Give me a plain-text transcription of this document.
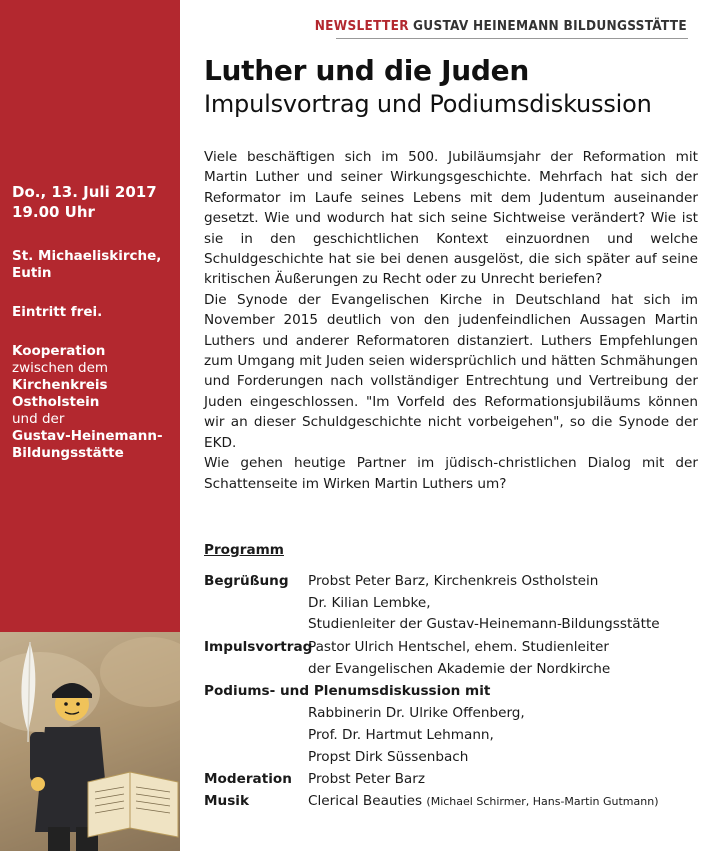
Do., 13. Juli 2017
19.00 Uhr
St. Michaeliskirche,
Eutin
Eintritt frei.
Kooperation
zwischen dem
Kirchenkreis
Ostholstein
und der
Gustav-Heinemann-
Bildungsstätte
NEWSLETTER GUSTAV HEINEMANN BILDUNGSSTÄTTE
Luther und die Juden
Impulsvortrag und Podiumsdiskussion

Viele beschäftigen sich im 500. Jubiläumsjahr der Reformation mit Martin Luther und seiner Wirkungsgeschichte. Mehrfach hat sich der Reformator im Laufe seines Lebens mit dem Judentum auseinander gesetzt. Wie und wodurch hat sich seine Sichtweise verändert? Wie ist sie in den geschichtlichen Kontext einzuordnen und welche Schuldgeschichte hat sie bei denen ausgelöst, die sich später auf seine kritischen Äußerungen zu Recht oder zu Unrecht beriefen?

Die Synode der Evangelischen Kirche in Deutschland hat sich im November 2015 deutlich von den judenfeindlichen Aussagen Martin Luthers und anderer Reformatoren distanziert. Luthers Empfehlungen zum Umgang mit Juden seien widersprüchlich und hätten Schmähungen und Forderungen nach vollständiger Entrechtung und Vertreibung der Juden eingeschlossen. "Im Vorfeld des Reformationsjubiläums können wir an dieser Schuldgeschichte nicht vorbeigehen", so die Synode der EKD.

Wie gehen heutige Partner im jüdisch-christlichen Dialog mit der Schattenseite im Wirken Martin Luthers um?

Programm
Begrüßung Probst Peter Barz, Kirchenkreis Ostholstein
Dr. Kilian Lembke,
Studienleiter der Gustav-Heinemann-Bildungsstätte
Impulsvortrag
Pastor Ulrich Hentschel, ehem. Studienleiter
der Evangelischen Akademie der Nordkirche
Podiums- und Plenumsdiskussion mit
Rabbinerin Dr. Ulrike Offenberg,
Prof. Dr. Hartmut Lehmann,
Propst Dirk Süssenbach
Moderation Probst Peter Barz
Musik	Clerical Beauties (Michael Schirmer, Hans-Martin Gutmann)
